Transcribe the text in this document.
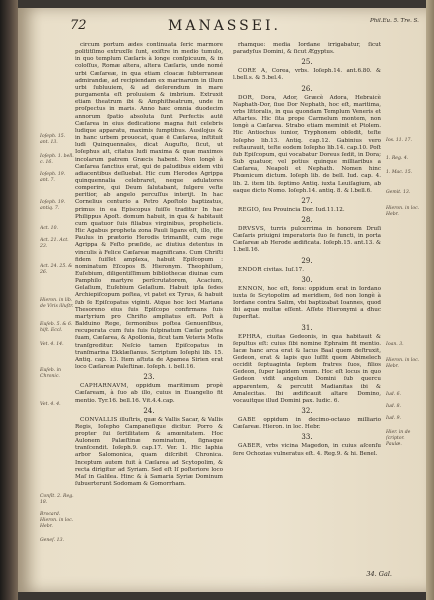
72	MANASSEI.	Phil.Eu. 5. Tre. S.
Ioſeph. 15. ant. 13.
Ioſeph. 1. bell. c. 16.
Ioſeph. 19. ant. 7.
Ioſeph. 19. antiq. 7.
Act. 10.
Act. 21. Act. 23.
Act. 24. 25. & 26.
Hieron. in lib. de Viris illuſtr.
Euſeb. 5. & 6. hiſt. Eccl.
Vet. 4. 14.
Euſeb. in Chronic.
Vet. 4. 4.
Conſlt. 2. Reg. 18.
Brocard. Hieron. in loc. Hebr.
Geneſ. 13.

circum portum ædes continuata ſeric marmore polititſimo extruxſſe ſunt, exiſtre in medio tumulo, in quo templum Cæſaris à longe conſpicuum, & in coloſſus, Romæ altera, altera Cæſaris, unde nomé urbi Cæſareæ, in qua etiam cloacæ ſubterraneæ admirandæ, ad recipiendam ex marinarum in illum urbi ſubluuiem, & ad deſerendum in mare purgamenta eſt proluuiem & imbrium. Extruxit etiam theatrum ibi & Amphitheatrum, unde in proſpectus in maris. Anno hæc omnia duodecim annorum ſpatio absoluta ſunt Perfectis autē Cæſarea in eius dedicatione magna fuit celebris ludique apparatu, maximis ſumptibus. Ausilojus & in hanc urbem prouocat, quæ ē Cæſarea, inſtituit ludi Quinquennales, dicat Auguſto, ſicut, ut Ioſephus ait, citatus ludi maxima & quæ maximos incolarum patrem Græcis habent. Non longè à Cæſarea ſanctius erat, qui de paludibus eidem vibi adiacentibus deſluebat. Hic cum Herodes Agrippa quinquennalia celebraret, neque adulatores comperire, qui Deum ſalutabant, ſulgere veſte peritior, ab angelo percuſſus interijt. In hac Cornelius centurio a Petro Apoſtolo baptizatus, primus in ea Episcopus ſuiſſe traditur In hac Philippus Apoſt. domum habuit, in qua & habitauit cum quatuor ſuis filiabus virginibus, propheticis. Hic Agabus propheta zona Pauli ligans eſt, illo, iſte Paulus in prætorio Herodis trimanſit, cum rege Agrippa & Feſto præſide, ac diutius detentus in vinculis à Felice Cæſareæ magnificans. Cum Chriſti fidem ſuiſſet amplexa, habuit Epiſcopum : nominatum Eſcopos B. Hieronym. Theophilum, Euſebium, diligentiſſimum bibliothecæ diuinæ cum Pamphilo martyre perſcrutatorem, Acacium, Gelaſium, Euſebium Gelaſium. Habuit ipſa ſedes Archiepiſcopum poſtea, vt patet ex Tyrus, & habuit ſub ſe Epiſcopatus viginti. Atque hoc loci Mariana Thesoreno eius ſuis Epiſcopo confirmans ſuis martyrium pro Chriſto ampliatus eſt. Poſt à Balduino Rege, ſermonibus poſtea Genuenſibus, recuperata cum ſuis ſuis ſulpinatum Cæſar poſtea ſuam, Cæſarea, & Apollonia, ſicut tam Veteris Moſis tranſgreditur. Neſcio tamen Epiſcopatus in tranſmarina Ekklæſianus. Scriptum Ioſephi lib. 15. Antiq. cap. 13. Item aſtuta de Apamea Sirien erat loco Cæſareæ Paleſtinæ. Ioſeph. i. bell.16.

23.

CAPHARNAVM, oppidum maritimum propè Cæſaream, à ſuo ab illo, cuius in Euangelio fit mentio. Tyr.16. bell.16. Vit.4.4.cap.

24.

CONVALLIS illuſtris, quæ & Vallis Sacar, & Vallis Regis, Ioſepho Campaneſique dicitur. Porro & propter ſui ſertilitatem & amœnitatem. Hoc Aulonem Palæſtinæ nominatum, ſignaque tranſcendit. Ioſeph.9. cap.17. Ver. 1. Hic Iaphia arbor Salomonica, quam diſcribit Chronica. Inceptum autem fuit à Cæſarea ad Scytopolim, & recta dirigitur ad Syriam. Sed eſt Iſ poſteriore loco Maſ in Galilea. Hinc & à Samaria Syriæ Dominum ſubuerterunt Sodomam & Gomorrham.

rhamque: media Iordane irrigabatur, ſicut paradyſus Domini, & ſicut Ægyptus.

25.

CORE A, Corea, vrbs. Ioſeph.14. ant.6.80. & l.bell.s. & 5.bel.4.

26.

DOR, Dora, Ador, Græcè Adora, Hebraicè Naphath-Dor, ſiue Dor Nephath, hoc eſt, maritima, vrbs littoralis, in qua quondam Templum Veneris et Aſtartes. Hic ſita prope Carmelum montem, non longè a Cæſarea. Strabo etiam meminit et Ptolem. Hic Antiochus iunior, Tryphonem obſedit, teſte Ioſepho lib.13. Antiq. cap.12. Gabinius vero reſtaurauit, teſte eodem Ioſepho lib.14. cap.10. Poſt ſub Epiſcopum, qui vocabatur Doreus ſedit, in Dora; Sub quatuor, vel potius quinque milliaribus a Cæſarea, Neapoli et Nephath. Nomen hinc Phœnicum dictum. Ioſeph lib. de bell. Iud. cap. 4. lib. 2. item lib. ſeptimo Antiq. iuxta Leuiſagium, ab eaque dicto Nomo. Ioſeph.14. antiq. 8. & l.bell.6.

27.

REGIO, ſeu Prouincia Dor. Iud.11.12.

28.

DRVSVS, turris pulcerrima in honorem Druſi Cæſaris priuigni imperatoris ſuo ſe functi, in porta Cæſareæ ab Herode ædificata. Ioſeph.15. ant.13. & 1.bell.16.

29.

ENDOR civitas. Iuſ.17.

30.

ENNON, hoc eſt, fons: oppidum erat in Iordano iuxta ſe Scytopolim ad meridiem, ſed non longè à Iordane contra Salim, vbi baptizabat Ioannes, quod ibi aquæ multæ eſſent. Aſſete Hieronymi a dhuc ſuperſtat.

31.

EPHRA, ciuitas Gedeonis, in qua habitauit & ſepultus eſt: cuius ſibi nomine Ephraim fit mentio. Iacæ hanc arca erat & Iacus Baal quem deſtruxit, Gedeon, erat & lapis quo luſſit quem Abimelech occidit ſeptuaginta ſeptem fratres ſuos, filios Gedeon, ſuper lapidem vnum. Hoc eſt locus in quo Gedeon vidit angelum Domini ſub quercu apparentem, & percutit Madianitas ibi & Amalecitas. Ibi ædificauit altare Domino, vocauitque illud Domini pax. Iudic. 6.

32.

GABE oppidum in decimo-octauo milliario Cæſareæ. Hieron. in loc. Hebr.

33.

GABER, vrbs vicina Magedon, in cuius aſcenſu ſere Ochozias vulneratus eſt. 4. Reg.9. & hi. Benel.

Ios. 11. 17.
1. Reg. 4.
1. Mac. 15.
Gemit. 13.
Hieron. in loc. Hebr.
Ioan. 3.
Hieron. in loc. Hebr.
Iud. 6.
Iud. 8.
Iud. 9.
Hier. in de ſcriptor. Paulæ.
34. Gal.
